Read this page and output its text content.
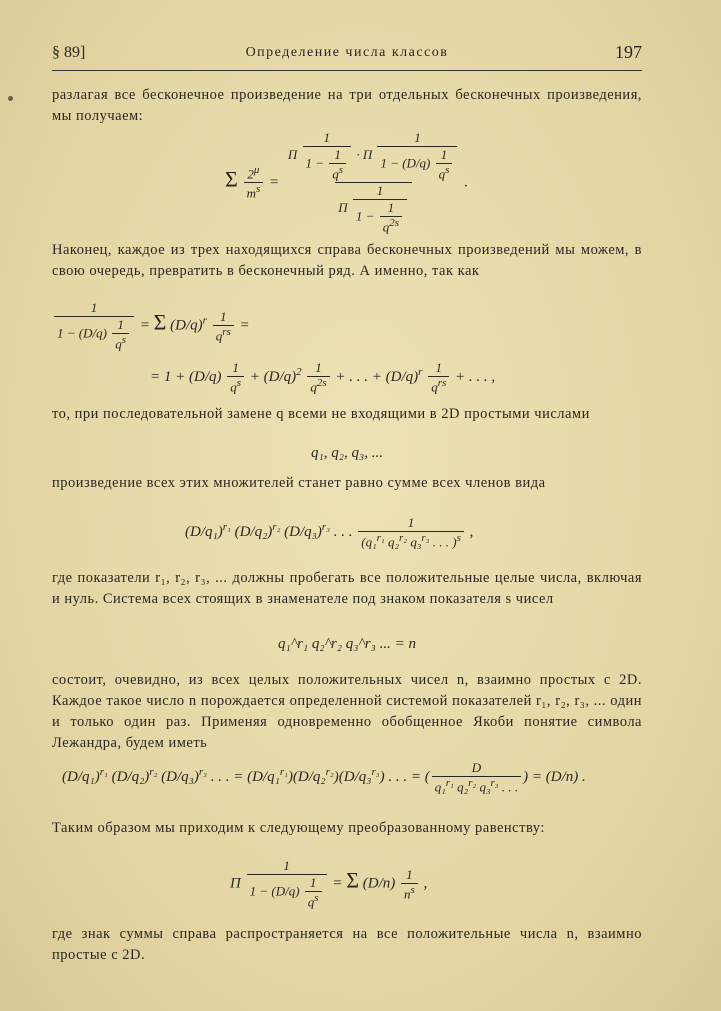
§ 89]	Определение числа классов	197
разлагая все бесконечное произведение на три отдельных бесконечных произведения, мы получаем:
Σ $\frac{2^\mu}{m^s} = \frac{\Pi \frac{1}{1 - \frac{1}{q^s}} \cdot \Pi \frac{1}{1 - (D/q) \frac{1}{q^s}}}{\Pi \frac{1}{1 - \frac{1}{q^{2s}}}}$ .
Наконец, каждое из трех находящихся справа бесконечных произведений мы можем, в свою очередь, превратить в бесконечный ряд. А именно, так как
$\frac{1}{1 - (D/q) \frac{1}{q^s}} = \Sigma$ $(D/q)^r \frac{1}{q^{rs}}$ =
= $1 + (D/q) \frac{1}{q^s} + (D/q)^2 \frac{1}{q^{2s}}$ + . . . + $(D/q)^r \frac{1}{q^{rs}}$ + . . . ,
то, при последовательной замене q всеми не входящими в 2D простыми числами
q₁, q₂, q₃, ...
произведение всех этих множителей станет равно сумме всех членов вида
$(D/q_1)^{r_1}$ $(D/q_2)^{r_2}$ $(D/q_3)^{r_3}$ . . . $\frac{1}{(q_1^{r_1} q_2^{r_2} q_3^{r_3} . . . )^s}$ ,
где показатели r₁, r₂, r₃, ... должны пробегать все положительные целые числа, включая и нуль. Система всех стоящих в знаменателе под знаком показателя s чисел
q₁^r₁ q₂^r₂ q₃^r₃ ... = n
состоит, очевидно, из всех целых положительных чисел n, взаимно простых с 2D. Каждое такое число n порождается определенной системой показателей r₁, r₂, r₃, ... один и только один раз. Применяя одновременно обобщенное Якоби понятие символа Лежандра, будем иметь
$(D/q_1)^{r_1}$ $(D/q_2)^{r_2}$ $(D/q_3)^{r_3}$ . . . = (D/q₁$^{r_1}$)(D/q₂$^{r_2}$)(D/q₃$^{r_3}$) . . . = ( $\frac{D}{q_1^{r_1} q_2^{r_2} q_3^{r_3} . . .}$ ) = (D/n) .
Таким образом мы приходим к следующему преобразованному равенству:
Π $\frac{1}{1 - (D/q) \frac{1}{q^s}} = \Sigma$ $(D/n) \frac{1}{n^s}$ ,
где знак суммы справа распространяется на все положительные числа n, взаимно простые с 2D.
